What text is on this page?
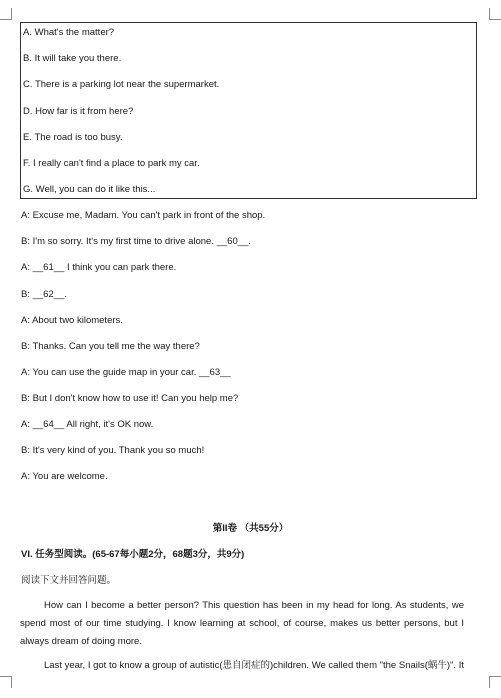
A. What's the matter?
B. It will take you there.
C. There is a parking lot near the supermarket.
D. How far is it from here?
E. The road is too busy.
F. I really can't find a place to park my car.
G. Well, you can do it like this...
A: Excuse me, Madam. You can't park in front of the shop.
B: I'm so sorry. It's my first time to drive alone. __60__.
A: __61__ I think you can park there.
B: __62__.
A: About two kilometers.
B: Thanks. Can you tell me the way there?
A: You can use the guide map in your car. __63__
B: But I don't know how to use it! Can you help me?
A: __64__ All right, it's OK now.
B: It's very kind of you. Thank you so much!
A: You are welcome.
第II卷 （共55分）
VI. 任务型阅读。(65-67每小题2分，68题3分，共9分)
阅读下文并回答问题。
How can I become a better person? This question has been in my head for long. As students, we spend most of our time studying. I know learning at school, of course, makes us better persons, but I always dream of doing more.
Last year, I got to know a group of autistic(患自闭症的)children. We called them "the Snails(蜗牛)". It
